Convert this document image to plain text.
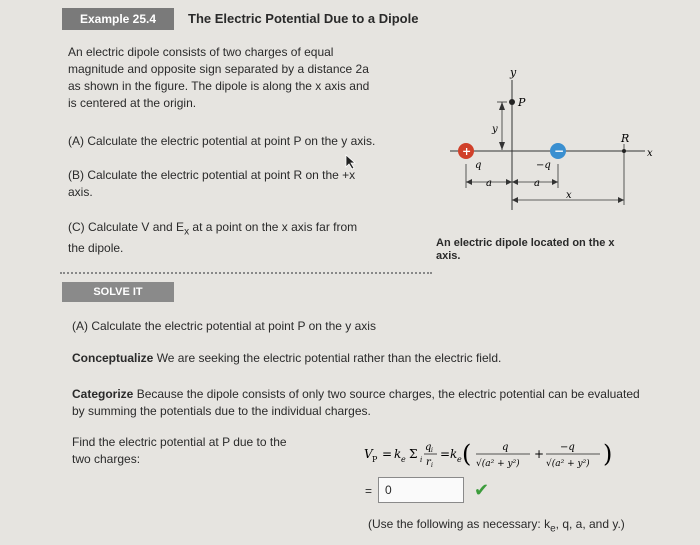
Example 25.4	The Electric Potential Due to a Dipole
An electric dipole consists of two charges of equal
magnitude and opposite sign separated by a distance 2a
as shown in the figure. The dipole is along the x axis and
is centered at the origin.
(A) Calculate the electric potential at point P on the y axis.
(B) Calculate the electric potential at point R on the +x
axis.
(C) Calculate V and $E_x$ at a point on the x axis far from
the dipole.
y
P
y
x
R
+	−
q	−q
a	a
x
An electric dipole located on the x
axis.
SOLVE IT
(A) Calculate the electric potential at point P on the y axis
Conceptualize We are seeking the electric potential rather than the electric field.
Categorize Because the dipole consists of only two source charges, the electric potential can be evaluated
by summing the potentials due to the individual charges.
Find the electric potential at P due to the
two charges:	V P = k e Σ i
q i
r i
= k e (	q
√(a² + y²)
+ −q
√(a² + y²) )
=	0	✔
(Use the following as necessary: $k_e$, q, a, and y.)
